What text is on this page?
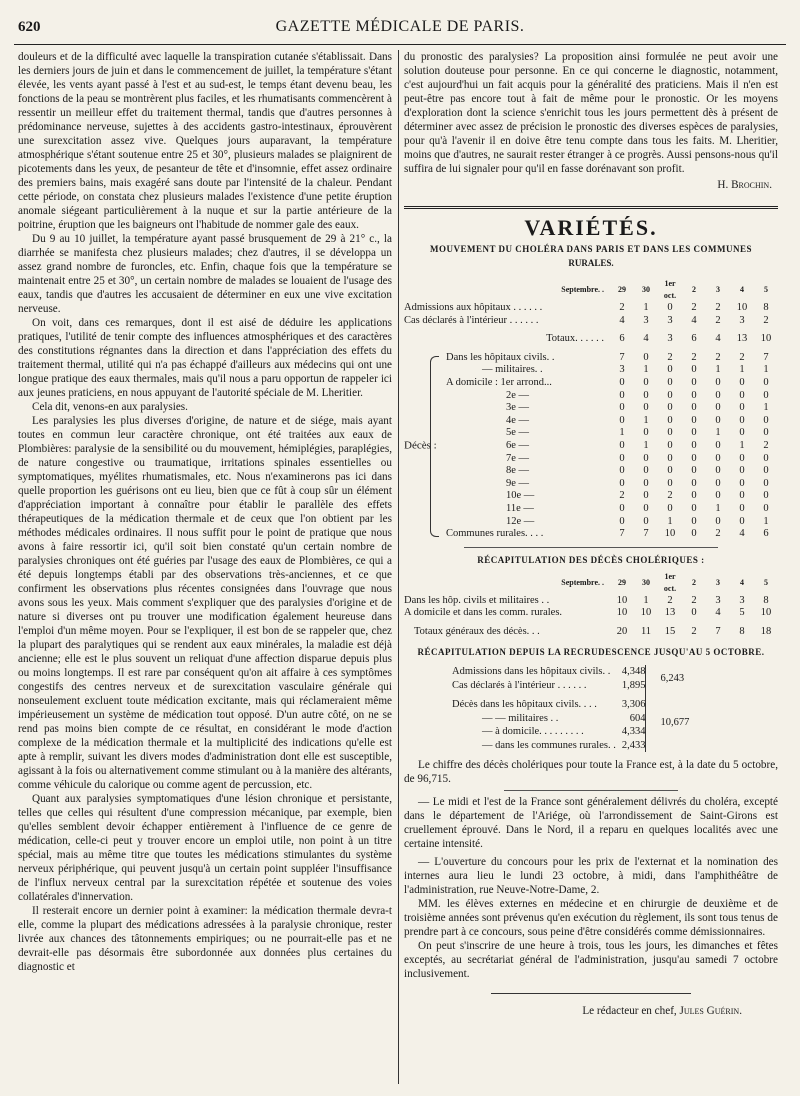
620	GAZETTE MÉDICALE DE PARIS.

douleurs et de la difficulté avec laquelle la transpiration cutanée s'établissait. Dans les derniers jours de juin et dans le commencement de juillet, la température s'étant élevée, les vents ayant passé à l'est et au sud-est, le temps étant devenu beau, les fonctions de la peau se montrèrent plus faciles, et les rhumatisants commencèrent à ressentir un meilleur effet du traitement thermal, tandis que d'autres personnes à prédominance nerveuse, sujettes à des accidents gastro-intestinaux, éprouvèrent une surexcitation assez vive. Quelques jours auparavant, la température atmosphérique s'étant soutenue entre 25 et 30°, plusieurs malades se plaignirent de picotements dans les yeux, de pesanteur de tête et d'insomnie, effet assez ordinaire des premiers bains, mais exagéré sans doute par l'intensité de la chaleur. Pendant cette période, on constata chez plusieurs malades l'existence d'une petite éruption anomale siégeant particulièrement à la nuque et sur la partie antérieure de la poitrine, éruption que les baigneurs ont l'habitude de nommer gale des eaux.

Du 9 au 10 juillet, la température ayant passé brusquement de 29 à 21° c., la diarrhée se manifesta chez plusieurs malades; chez d'autres, il se développa un assez grand nombre de furoncles, etc. Enfin, chaque fois que la température se maintenait entre 25 et 30°, un certain nombre de malades se louaient de l'usage des eaux, tandis que d'autres les accusaient de déterminer en eux une vive excitation nerveuse.

On voit, dans ces remarques, dont il est aisé de déduire les applications pratiques, l'utilité de tenir compte des influences atmosphériques et des caractères des constitutions régnantes dans la direction et dans l'appréciation des effets du traitement thermal, utilité qui n'a pas échappé d'ailleurs aux médecins qui ont une longue pratique des eaux thermales, mais qu'il nous a paru opportun de rappeler ici aux jeunes praticiens, en nous appuyant de l'autorité spéciale de M. Lheritier.

Cela dit, venons-en aux paralysies.

Les paralysies les plus diverses d'origine, de nature et de siége, mais ayant toutes en commun leur caractère chronique, ont été traitées aux eaux de Plombières: paralysie de la sensibilité ou du mouvement, hémiplégies, paraplégies, de nature congestive ou traumatique, irritations spinales essentielles ou symptomatiques, myélites rhumatismales, etc. Nous n'examinerons pas ici dans quelle proportion les guérisons ont eu lieu, bien que ce fût à coup sûr un élément d'appréciation important à connaître pour établir le parallèle des effets thérapeutiques de la médication thermale et de ceux que l'on obtient par les méthodes médicales ordinaires. Il nous suffit pour le point de pratique que nous avons à faire ressortir ici, qu'il soit bien constaté qu'un certain nombre de paralysies chroniques ont été guéries par l'usage des eaux de Plombières, ce qui a été depuis longtemps établi par des observations très-anciennes, et ce que confirment les observations plus récentes consignées dans l'ouvrage que nous avons sous les yeux. Mais comment s'expliquer que des paralysies d'origine et de nature si diverses ont pu trouver une modification également heureuse dans l'emploi d'un même moyen. Pour se l'expliquer, il est bon de se rappeler que, chez la plupart des paralytiques qui se rendent aux eaux minérales, la maladie est déjà ancienne; elle est le plus souvent un reliquat d'une affection disparue depuis plus ou moins longtemps. Il est rare par conséquent qu'on ait affaire à ces symptômes congestifs des centres nerveux et de surexcitation vasculaire générale qui nonseulement excluent toute médication excitante, mais qui réclameraient même impérieusement un système de médication tout opposé. D'un autre côté, on ne se rend pas moins bien compte de ce résultat, en considérant le mode d'action complexe de la médication thermale et la multiplicité des indications qu'elle est apte à remplir, suivant les divers modes d'administration dont elle est susceptible, agissant à la fois ou alternativement comme stimulant ou à la manière des altérants, comme véhicule du calorique ou comme agent de percussion, etc.

Quant aux paralysies symptomatiques d'une lésion chronique et persistante, telles que celles qui résultent d'une compression mécanique, par exemple, bien qu'elles semblent devoir échapper entièrement à l'influence de ce genre de médication, celle-ci peut y trouver encore un emploi utile, non point à un titre spécial, mais au même titre que toutes les médications stimulantes du système nerveux périphérique, qui peuvent jusqu'à un certain point suppléer l'insuffisance de l'influx nerveux central par la surexcitation répétée et soutenue des voies collatérales d'innervation.

Il resterait encore un dernier point à examiner: la médication thermale devra-t elle, comme la plupart des médications adressées à la paralysie chronique, rester livrée aux chances des tâtonnements empiriques; ou ne pourrait-elle pas et ne devrait-elle pas désormais être subordonnée aux données plus certaines du diagnostic et

du pronostic des paralysies? La proposition ainsi formulée ne peut avoir une solution douteuse pour personne. En ce qui concerne le diagnostic, notamment, c'est aujourd'hui un fait acquis pour la généralité des praticiens. Mais il n'en est peut-être pas encore tout à fait de même pour le pronostic. Or les moyens d'exploration dont la science s'enrichit tous les jours permettent dès à présent de déterminer avec assez de précision le pronostic des diverses espèces de paralysies, pour qu'à l'avenir il en doive être tenu compte dans tous les faits. M. Lheritier, moins que d'autres, ne saurait rester étranger à ce progrès. Aussi pensons-nous qu'il suffira de lui signaler pour qu'il en fasse dorénavant son profit.

H. Brochin.
VARIÉTÉS.
MOUVEMENT DU CHOLÉRA DANS PARIS ET DANS LES COMMUNES
RURALES.
Septembre. .		29	30	1er oct.	2	3	4	5
Admissions aux hôpitaux . . . . . .		2	1	0	2	2	10	8
Cas déclarés à l'intérieur . . . . . .		4	3	3	4	2	3	2
Totaux. . . . . .		6	4	3	6	4	13	10

Décès :	Dans les hôpitaux civils. .	7	0	2	2	2	2	7
	— militaires. .	3	1	0	0	1	1	1
	A domicile : 1er arrond...	0	0	0	0	0	0	0
	2e —	0	0	0	0	0	0	0
	3e —	0	0	0	0	0	0	1
	4e —	0	1	0	0	0	0	0
	5e —	1	0	0	0	1	0	0
	6e —	0	1	0	0	0	1	2
	7e —	0	0	0	0	0	0	0
	8e —	0	0	0	0	0	0	0
	9e —	0	0	0	0	0	0	0
	10e —	2	0	2	0	0	0	0
	11e —	0	0	0	0	1	0	0
	12e —	0	0	1	0	0	0	1
	Communes rurales. . . .	7	7	10	0	2	4	6
RÉCAPITULATION DES DÉCÈS CHOLÉRIQUES :
Septembre. .	29	30	1er oct.	2	3	4	5
Dans les hôp. civils et militaires . .	10	1	2	2	3	3	8
A domicile et dans les comm. rurales.	10	10	13	0	4	5	10
Totaux généraux des décès. . .	20	11	15	2	7	8	18
RÉCAPITULATION DEPUIS LA RECRUDESCENCE JUSQU'AU 5 OCTOBRE.
Admissions dans les hôpitaux civils. .	4,348	6,243
Cas déclarés à l'intérieur . . . . . .	1,895	
Décès dans les hôpitaux civils. . . .	3,306	10,677
— — militaires . .	604	
— à domicile. . . . . . . . .	4,334	
— dans les communes rurales. .	2,433	

Le chiffre des décès cholériques pour toute la France est, à la date du 5 octobre, de 96,715.

— Le midi et l'est de la France sont généralement délivrés du choléra, excepté dans le département de l'Ariége, où l'arrondissement de Saint-Girons est cruellement éprouvé. Dans le Nord, il a reparu en quelques localités avec une certaine intensité.

— L'ouverture du concours pour les prix de l'externat et la nomination des internes aura lieu le lundi 23 octobre, à midi, dans l'amphithéâtre de l'administration, rue Neuve-Notre-Dame, 2.

MM. les élèves externes en médecine et en chirurgie de deuxième et de troisième années sont prévenus qu'en exécution du règlement, ils sont tous tenus de prendre part à ce concours, sous peine d'être considérés comme démissionnaires.

On peut s'inscrire de une heure à trois, tous les jours, les dimanches et fêtes exceptés, au secrétariat général de l'administration, jusqu'au samedi 7 octobre inclusivement.

Le rédacteur en chef, Jules Guérin.
